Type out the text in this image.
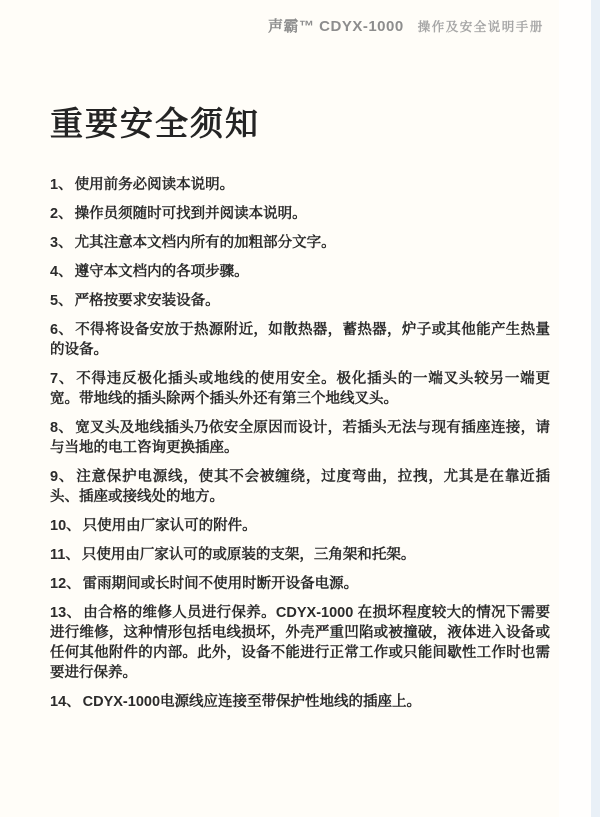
声霸™ CDYX-1000 操作及安全说明手册
重要安全须知

1、 使用前务必阅读本说明。

2、 操作员须随时可找到并阅读本说明。

3、 尤其注意本文档内所有的加粗部分文字。

4、 遵守本文档内的各项步骤。

5、 严格按要求安装设备。

6、 不得将设备安放于热源附近，如散热器，蓄热器，炉子或其他能产生热量的设备。

7、 不得违反极化插头或地线的使用安全。极化插头的一端叉头较另一端更宽。带地线的插头除两个插头外还有第三个地线叉头。

8、 宽叉头及地线插头乃依安全原因而设计，若插头无法与现有插座连接，请与当地的电工咨询更换插座。

9、 注意保护电源线，使其不会被缠绕，过度弯曲，拉拽，尤其是在靠近插头、插座或接线处的地方。

10、 只使用由厂家认可的附件。

11、 只使用由厂家认可的或原装的支架，三角架和托架。

12、 雷雨期间或长时间不使用时断开设备电源。

13、 由合格的维修人员进行保养。CDYX-1000 在损坏程度较大的情况下需要进行维修，这种情形包括电线损坏，外壳严重凹陷或被撞破，液体进入设备或任何其他附件的内部。此外，设备不能进行正常工作或只能间歇性工作时也需要进行保养。

14、 CDYX-1000电源线应连接至带保护性地线的插座上。
